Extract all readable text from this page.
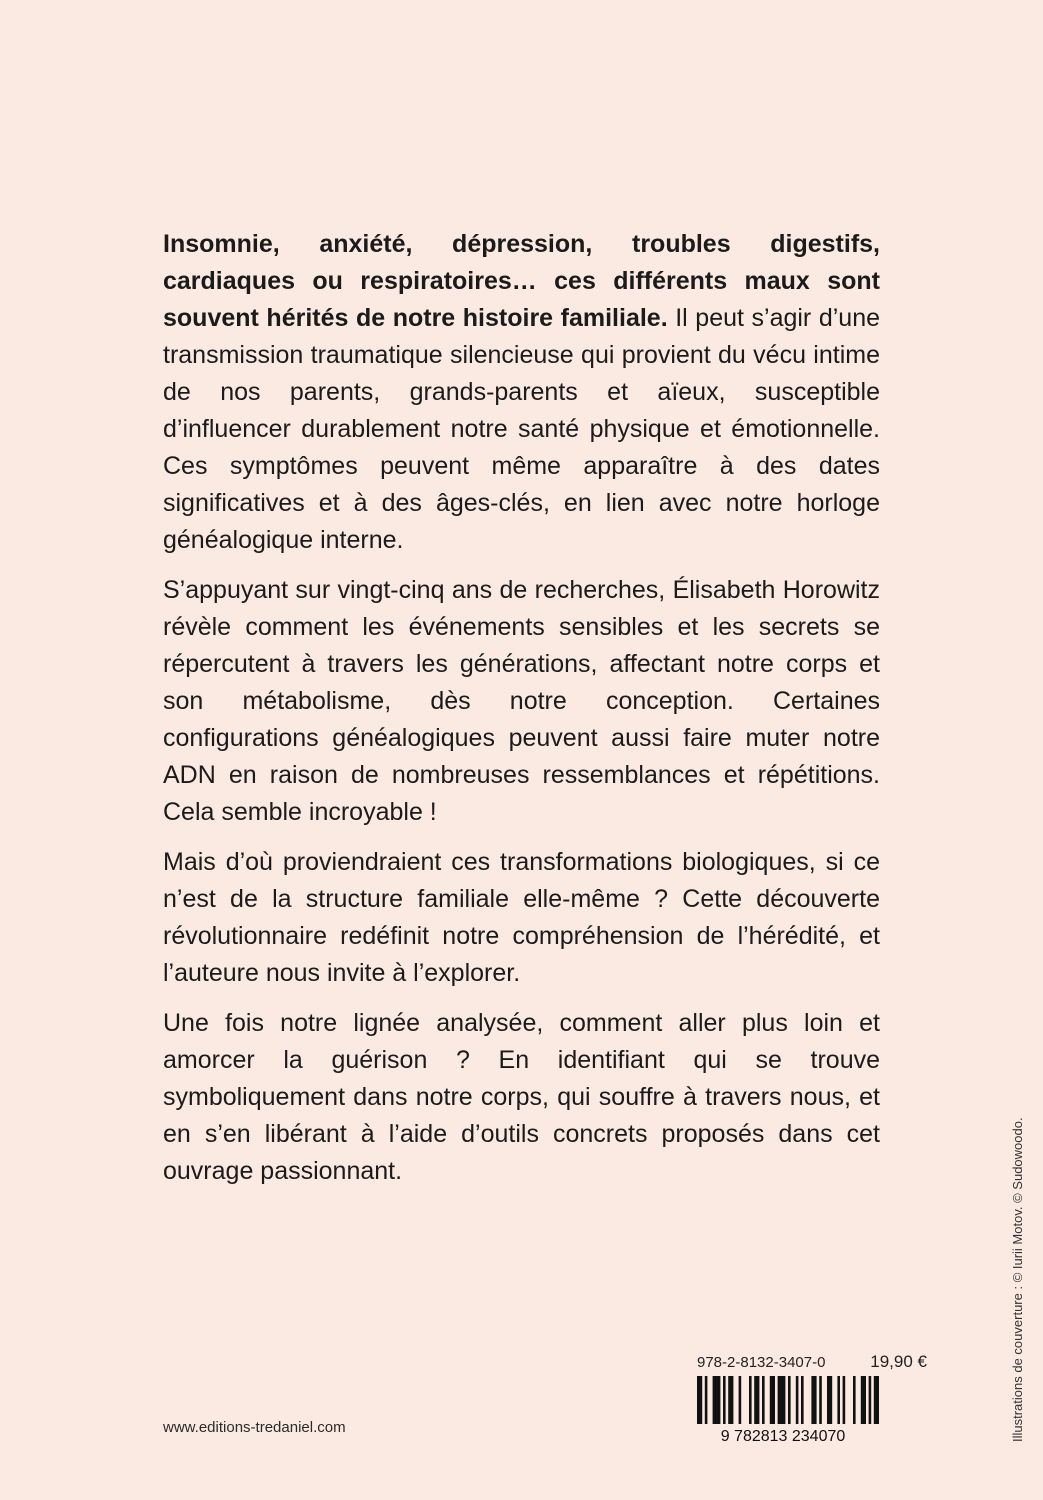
Insomnie, anxiété, dépression, troubles digestifs, cardiaques ou respiratoires… ces différents maux sont souvent hérités de notre histoire familiale. Il peut s’agir d’une transmission traumatique silencieuse qui provient du vécu intime de nos parents, grands-parents et aïeux, susceptible d’influencer durablement notre santé physique et émotionnelle. Ces symptômes peuvent même apparaître à des dates significatives et à des âges-clés, en lien avec notre horloge généalogique interne.

S’appuyant sur vingt-cinq ans de recherches, Élisabeth Horowitz révèle comment les événements sensibles et les secrets se répercutent à travers les générations, affectant notre corps et son métabolisme, dès notre conception. Certaines configurations généalogiques peuvent aussi faire muter notre ADN en raison de nombreuses ressemblances et répétitions. Cela semble incroyable !

Mais d’où proviendraient ces transformations biologiques, si ce n’est de la structure familiale elle-même ? Cette découverte révolutionnaire redéfinit notre compréhension de l’hérédité, et l’auteure nous invite à l’explorer.

Une fois notre lignée analysée, comment aller plus loin et amorcer la guérison ? En identifiant qui se trouve symboliquement dans notre corps, qui souffre à travers nous, et en s’en libérant à l’aide d’outils concrets proposés dans cet ouvrage passionnant.

www.editions-tredaniel.com
978-2-8132-3407-0	19,90 €
9 782813 234070	Illustrations de couverture : © Iurii Motov. © Sudowoodo.
